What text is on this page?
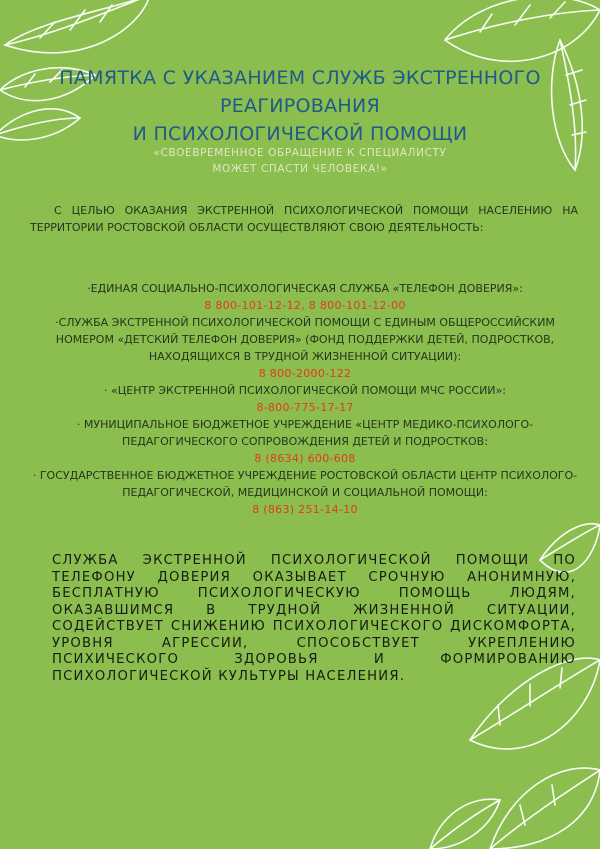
ПАМЯТКА С УКАЗАНИЕМ СЛУЖБ ЭКСТРЕННОГО РЕАГИРОВАНИЯ
И ПСИХОЛОГИЧЕСКОЙ ПОМОЩИ
«СВОЕВРЕМЕННОЕ ОБРАЩЕНИЕ К СПЕЦИАЛИСТУ
МОЖЕТ СПАСТИ ЧЕЛОВЕКА!»
С ЦЕЛЬЮ ОКАЗАНИЯ ЭКСТРЕННОЙ ПСИХОЛОГИЧЕСКОЙ ПОМОЩИ НАСЕЛЕНИЮ НА ТЕРРИТОРИИ РОСТОВСКОЙ ОБЛАСТИ ОСУЩЕСТВЛЯЮТ СВОЮ ДЕЯТЕЛЬНОСТЬ:
·ЕДИНАЯ СОЦИАЛЬНО-ПСИХОЛОГИЧЕСКАЯ СЛУЖБА «ТЕЛЕФОН ДОВЕРИЯ»:
8 800-101-12-12, 8 800-101-12-00
·СЛУЖБА ЭКСТРЕННОЙ ПСИХОЛОГИЧЕСКОЙ ПОМОЩИ С ЕДИНЫМ ОБЩЕРОССИЙСКИМ НОМЕРОМ «ДЕТСКИЙ ТЕЛЕФОН ДОВЕРИЯ» (ФОНД ПОДДЕРЖКИ ДЕТЕЙ, ПОДРОСТКОВ, НАХОДЯЩИХСЯ В ТРУДНОЙ ЖИЗНЕННОЙ СИТУАЦИИ):
8 800-2000-122
· «ЦЕНТР ЭКСТРЕННОЙ ПСИХОЛОГИЧЕСКОЙ ПОМОЩИ МЧС РОССИИ»:
8-800-775-17-17
· МУНИЦИПАЛЬНОЕ БЮДЖЕТНОЕ УЧРЕЖДЕНИЕ «ЦЕНТР МЕДИКО-ПСИХОЛОГО-ПЕДАГОГИЧЕСКОГО СОПРОВОЖДЕНИЯ ДЕТЕЙ И ПОДРОСТКОВ:
8 (8634) 600-608
· ГОСУДАРСТВЕННОЕ БЮДЖЕТНОЕ УЧРЕЖДЕНИЕ РОСТОВСКОЙ ОБЛАСТИ ЦЕНТР ПСИХОЛОГО-ПЕДАГОГИЧЕСКОЙ, МЕДИЦИНСКОЙ И СОЦИАЛЬНОЙ ПОМОЩИ:
8 (863) 251-14-10
СЛУЖБА ЭКСТРЕННОЙ ПСИХОЛОГИЧЕСКОЙ ПОМОЩИ ПО ТЕЛЕФОНУ ДОВЕРИЯ ОКАЗЫВАЕТ СРОЧНУЮ АНОНИМНУЮ, БЕСПЛАТНУЮ ПСИХОЛОГИЧЕСКУЮ ПОМОЩЬ ЛЮДЯМ, ОКАЗАВШИМСЯ В ТРУДНОЙ ЖИЗНЕННОЙ СИТУАЦИИ, СОДЕЙСТВУЕТ СНИЖЕНИЮ ПСИХОЛОГИЧЕСКОГО ДИСКОМФОРТА, УРОВНЯ АГРЕССИИ, СПОСОБСТВУЕТ УКРЕПЛЕНИЮ ПСИХИЧЕСКОГО ЗДОРОВЬЯ И ФОРМИРОВАНИЮ ПСИХОЛОГИЧЕСКОЙ КУЛЬТУРЫ НАСЕЛЕНИЯ.
